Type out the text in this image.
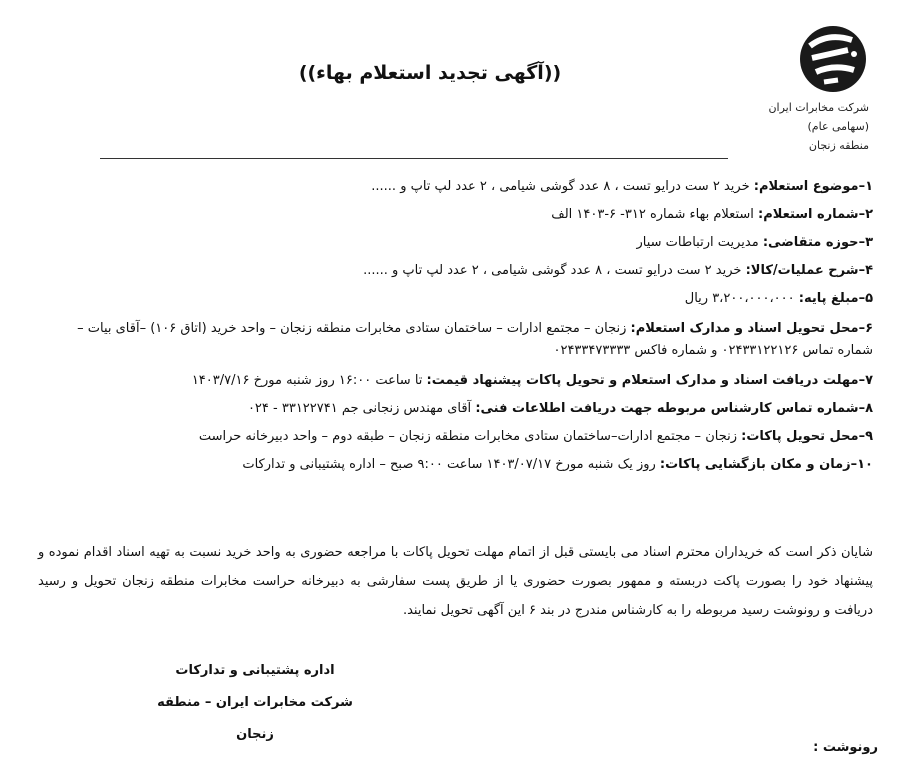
شرکت مخابرات ایران
(سهامی عام)
منطقه زنجان
((آگهی تجدید استعلام بهاء))
۱–موضوع استعلام: خرید ۲ ست درایو تست ، ۸ عدد گوشی شیامی ، ۲ عدد لپ تاپ و ......
۲–شماره استعلام: استعلام بهاء شماره ۳۱۲- ۶-۱۴۰۳ الف
۳–حوزه متقاضی: مدیریت ارتباطات سیار
۴–شرح عملیات/کالا: خرید ۲ ست درایو تست ، ۸ عدد گوشی شیامی ، ۲ عدد لپ تاپ و ......
۵–مبلغ پایه: ۳،۲۰۰،۰۰۰،۰۰۰ ریال
۶–محل تحویل اسناد و مدارک استعلام: زنجان – مجتمع ادارات – ساختمان ستادی مخابرات منطقه زنجان – واحد خرید (اتاق ۱۰۶) –آقای بیات – شماره تماس ۰۲۴۳۳۱۲۲۱۲۶ و شماره فاکس ۰۲۴۳۳۴۷۳۳۳۳
۷–مهلت دریافت اسناد و مدارک استعلام و تحویل پاکات پیشنهاد قیمت: تا ساعت ۱۶:۰۰ روز شنبه مورخ ۱۴۰۳/۷/۱۶
۸–شماره تماس کارشناس مربوطه جهت دریافت اطلاعات فنی: آقای مهندس زنجانی جم ۳۳۱۲۲۷۴۱ - ۰۲۴
۹–محل تحویل پاکات: زنجان – مجتمع ادارات–ساختمان ستادی مخابرات منطقه زنجان – طبقه دوم – واحد دبیرخانه حراست
۱۰–زمان و مکان بازگشایی پاکات: روز یک شنبه مورخ ۱۴۰۳/۰۷/۱۷ ساعت ۹:۰۰ صبح – اداره پشتیبانی و تدارکات
شایان ذکر است که خریداران محترم اسناد می بایستی قبل از اتمام مهلت تحویل پاکات با مراجعه حضوری به واحد خرید نسبت به تهیه اسناد اقدام نموده و پیشنهاد خود را بصورت پاکت دربسته و ممهور بصورت حضوری یا از طریق پست سفارشی به دبیرخانه حراست مخابرات منطقه زنجان تحویل و رسید دریافت و رونوشت رسید مربوطه را به کارشناس مندرج در بند ۶ این آگهی تحویل نمایند.
اداره پشتیبانی و تدارکات
شرکت مخابرات ایران – منطقه زنجان
رونوشت :
